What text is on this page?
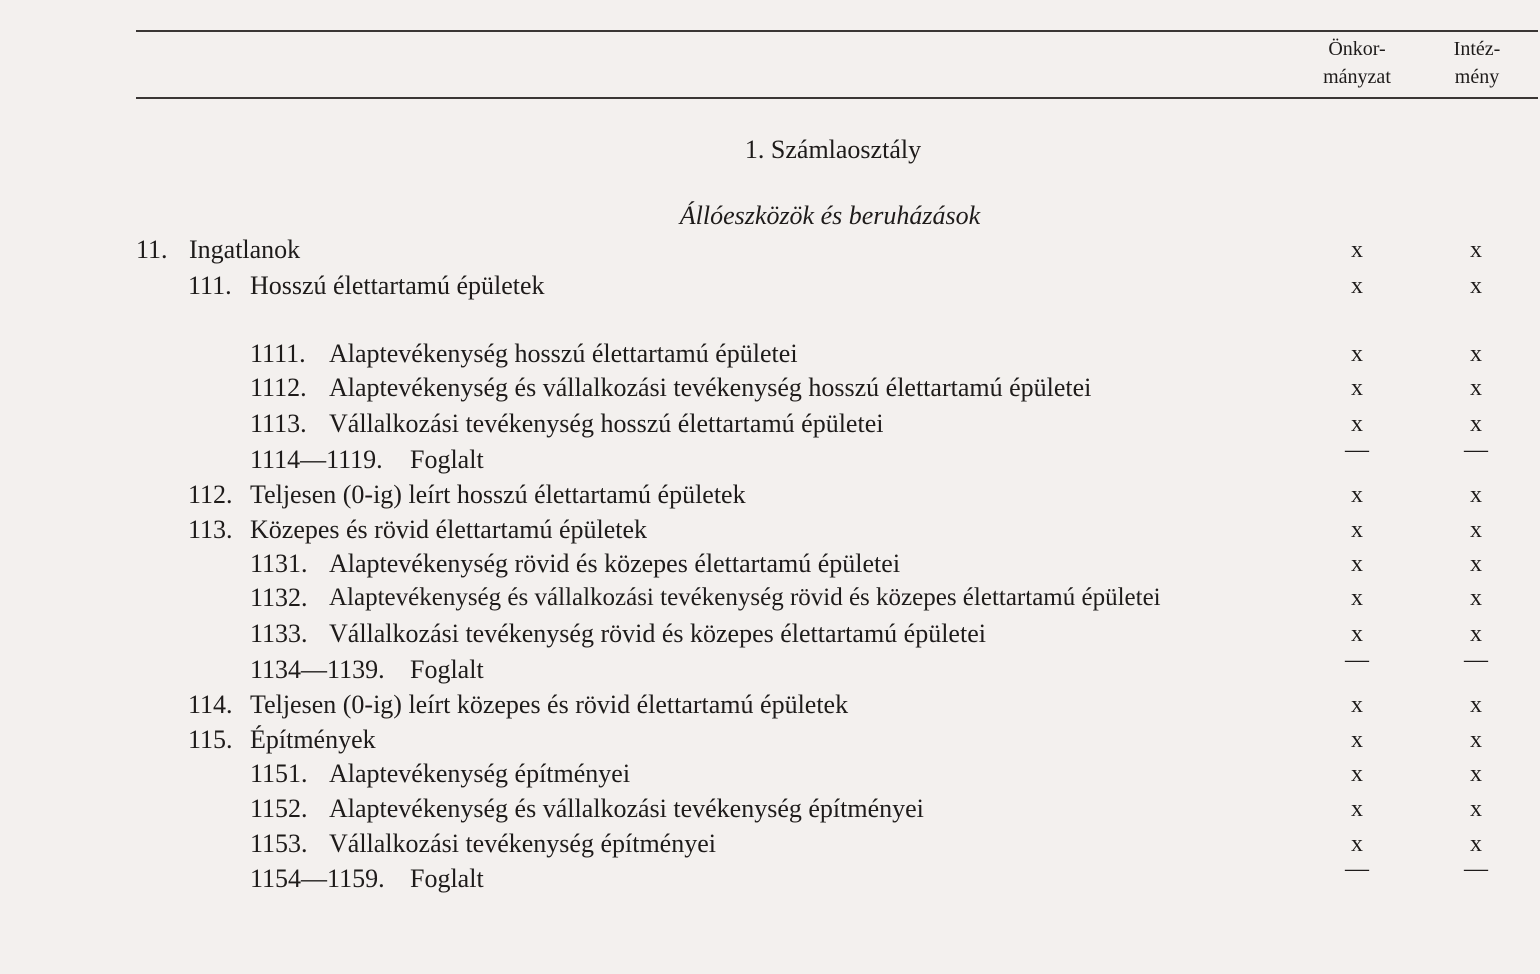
Önkor-
mányzat
Intéz-
mény
1. Számlaosztály
Állóeszközök és beruházások
11. Ingatlanok	x	x
111. Hosszú élettartamú épületek	x	x
1111. Alaptevékenység hosszú élettartamú épületei	x	x
1112. Alaptevékenység és vállalkozási tevékenység hosszú élettartamú épületei	x	x
1113. Vállalkozási tevékenység hosszú élettartamú épületei	x	x
1114—1119. Foglalt	—	—
112. Teljesen (0-ig) leírt hosszú élettartamú épületek	x	x
113. Közepes és rövid élettartamú épületek	x	x
1131. Alaptevékenység rövid és közepes élettartamú épületei	x	x
1132. Alaptevékenység és vállalkozási tevékenység rövid és közepes élettartamú épületei	x	x
1133. Vállalkozási tevékenység rövid és közepes élettartamú épületei	x	x
1134—1139. Foglalt	—	—
114. Teljesen (0-ig) leírt közepes és rövid élettartamú épületek	x	x
115. Építmények	x	x
1151. Alaptevékenység építményei	x	x
1152. Alaptevékenység és vállalkozási tevékenység építményei	x	x
1153. Vállalkozási tevékenység építményei	x	x
1154—1159. Foglalt	—	—
